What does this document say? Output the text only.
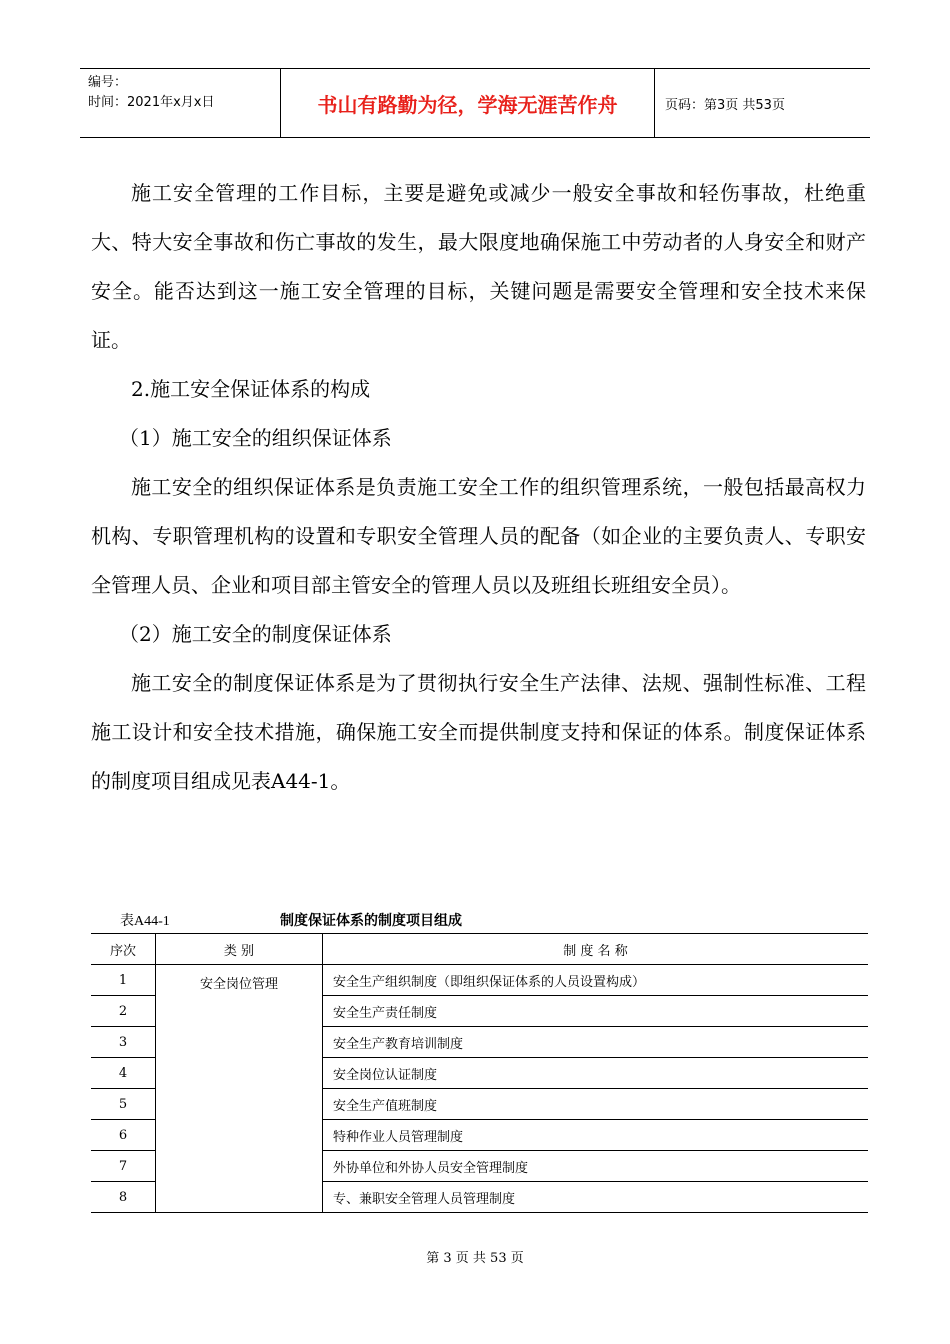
编号：
时间：2021年x月x日	书山有路勤为径，学海无涯苦作舟	页码：第3页 共53页

施工安全管理的工作目标，主要是避免或减少一般安全事故和轻伤事故，杜绝重大、特大安全事故和伤亡事故的发生，最大限度地确保施工中劳动者的人身安全和财产安全。能否达到这一施工安全管理的目标，关键问题是需要安全管理和安全技术来保证。

2.施工安全保证体系的构成

（1）施工安全的组织保证体系

施工安全的组织保证体系是负责施工安全工作的组织管理系统，一般包括最高权力机构、专职管理机构的设置和专职安全管理人员的配备（如企业的主要负责人、专职安全管理人员、企业和项目部主管安全的管理人员以及班组长班组安全员）。

（2）施工安全的制度保证体系

施工安全的制度保证体系是为了贯彻执行安全生产法律、法规、强制性标准、工程施工设计和安全技术措施，确保施工安全而提供制度支持和保证的体系。制度保证体系的制度项目组成见表A44-1。

表A44-1	制度保证体系的制度项目组成
序次	类 别	制 度 名 称
1	安全岗位管理	安全生产组织制度（即组织保证体系的人员设置构成）
2		安全生产责任制度
3		安全生产教育培训制度
4		安全岗位认证制度
5		安全生产值班制度
6		特种作业人员管理制度
7		外协单位和外协人员安全管理制度
8		专、兼职安全管理人员管理制度
第 3 页 共 53 页
